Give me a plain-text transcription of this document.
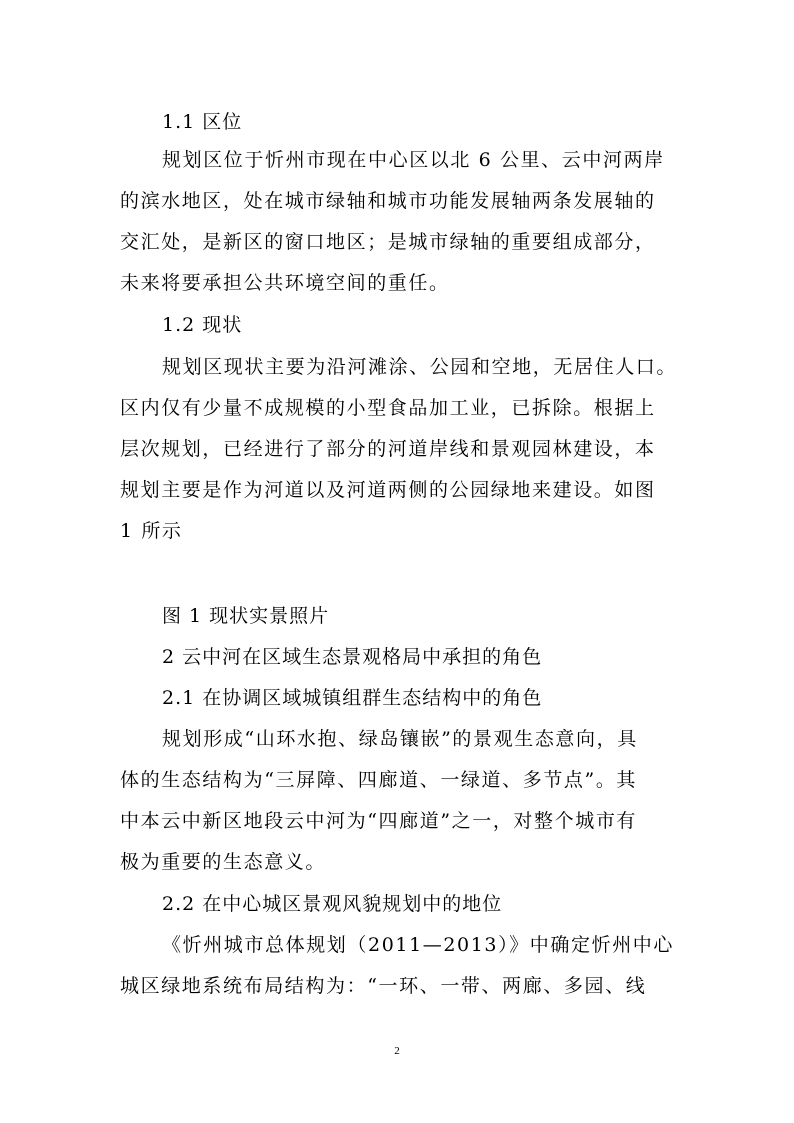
1.1 区位
规划区位于忻州市现在中心区以北 6 公里、云中河两岸
的滨水地区，处在城市绿轴和城市功能发展轴两条发展轴的
交汇处，是新区的窗口地区；是城市绿轴的重要组成部分，
未来将要承担公共环境空间的重任。
1.2 现状
规划区现状主要为沿河滩涂、公园和空地，无居住人口。
区内仅有少量不成规模的小型食品加工业，已拆除。根据上
层次规划，已经进行了部分的河道岸线和景观园林建设，本
规划主要是作为河道以及河道两侧的公园绿地来建设。如图
1 所示
图 1 现状实景照片
2 云中河在区域生态景观格局中承担的角色
2.1 在协调区域城镇组群生态结构中的角色
规划形成“山环水抱、绿岛镶嵌”的景观生态意向，具
体的生态结构为“三屏障、四廊道、一绿道、多节点”。其
中本云中新区地段云中河为“四廊道”之一，对整个城市有
极为重要的生态意义。
2.2 在中心城区景观风貌规划中的地位
《忻州城市总体规划（2011—2013）》中确定忻州中心
城区绿地系统布局结构为：“一环、一带、两廊、多园、线
2
